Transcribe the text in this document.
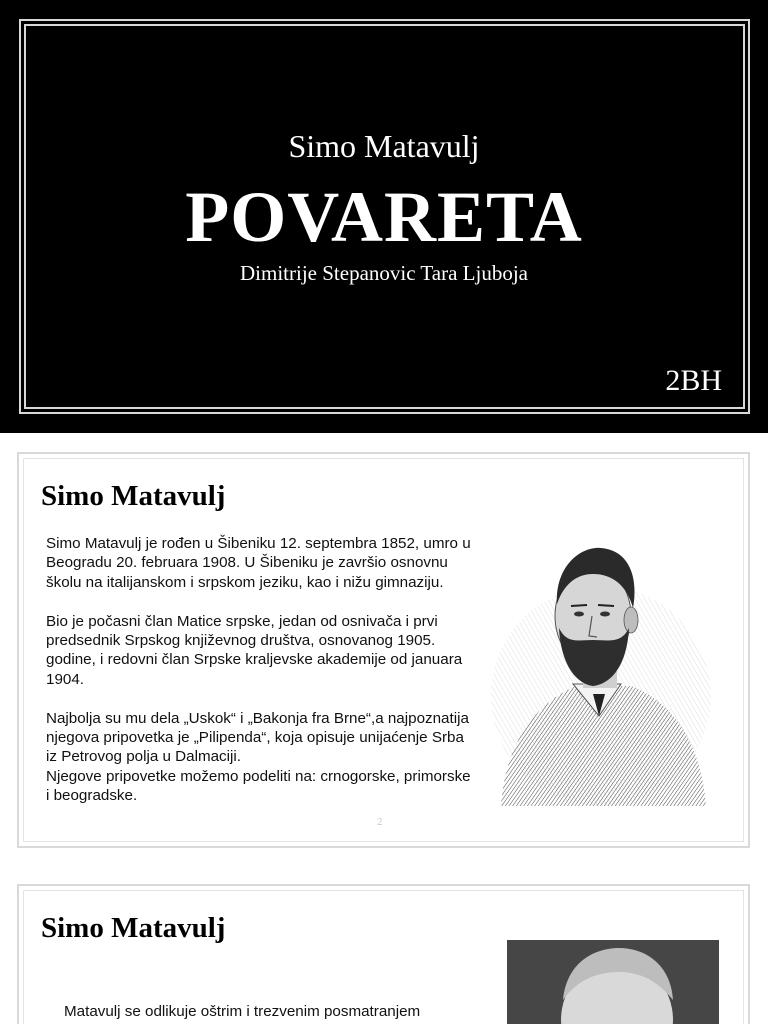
Simo Matavulj
POVARETA
Dimitrije Stepanovic Tara Ljuboja
2BH
Simo Matavulj

Simo Matavulj je rođen u Šibeniku 12. septembra 1852, umro u Beogradu 20. februara 1908. U Šibeniku je završio osnovnu školu na italijanskom i srpskom jeziku, kao i nižu gimnaziju.

Bio je počasni član Matice srpske, jedan od osnivača i prvi predsednik Srpskog književnog društva, osnovanog 1905. godine, i redovni član Srpske kraljevske akademije od januara 1904.

Najbolja su mu dela „Uskok“ i „Bakonja fra Brne“,a najpoznatija njegova pripovetka je „Pilipenda“, koja opisuje unijaćenje Srba iz Petrovog polja u Dalmaciji.

Njegove pripovetke možemo podeliti na: crnogorske, primorske i beogradske.

2
Simo Matavulj
Matavulj se odlikuje oštrim i trezvenim posmatranjem
